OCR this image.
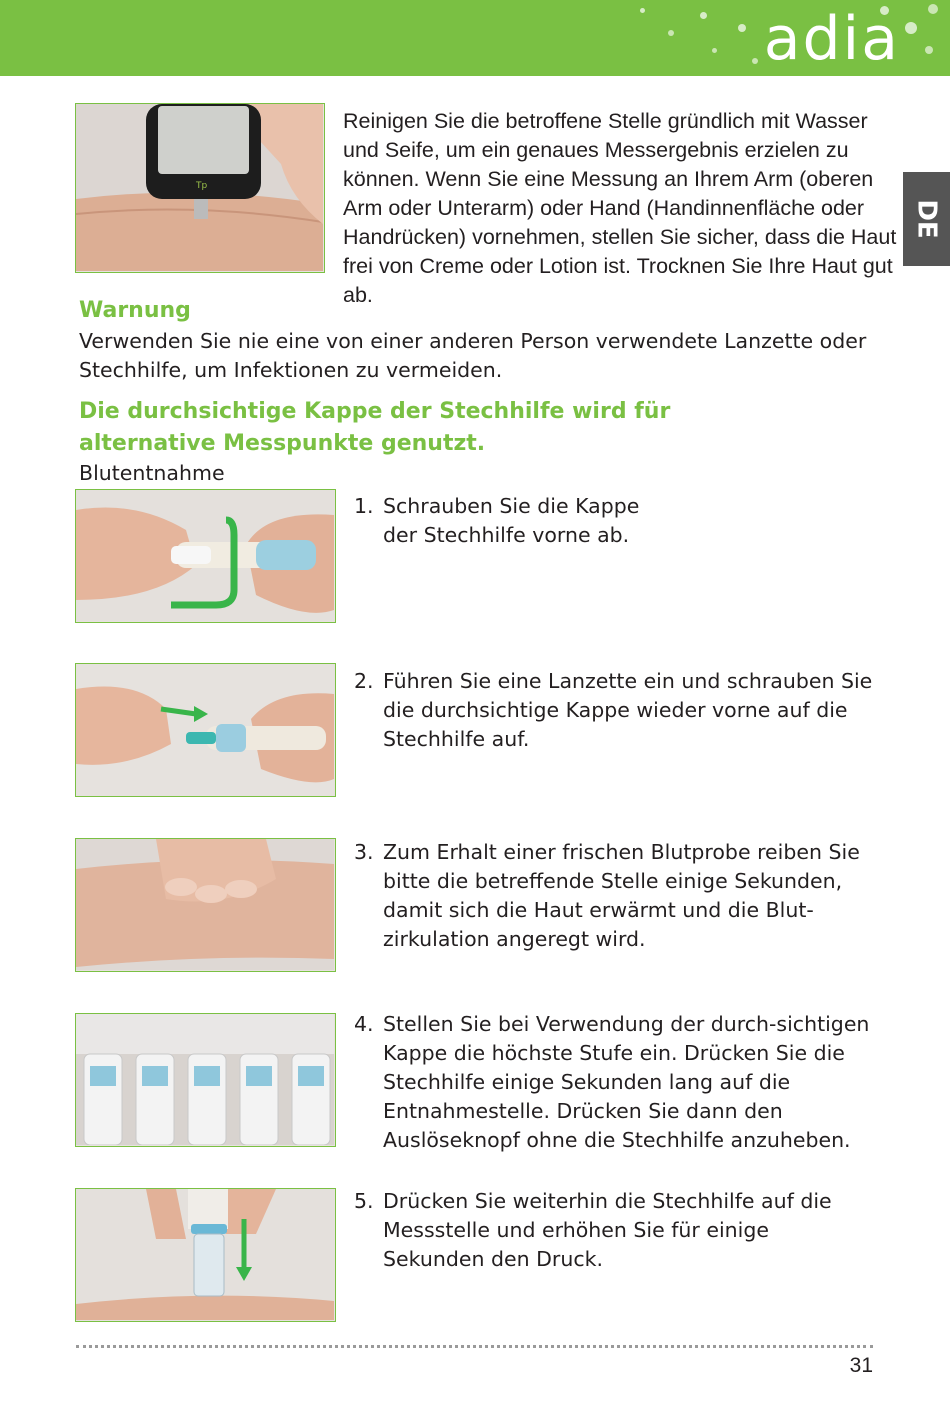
adia
DE
Tp
Reinigen Sie die betroffene Stelle gründlich mit Wasser und Seife, um ein genaues Messergebnis erzielen zu können. Wenn Sie eine Messung an Ihrem Arm (oberen Arm oder Unterarm) oder Hand (Handinnenfläche oder Handrücken) vornehmen, stellen Sie sicher, dass die Haut frei von Creme oder Lotion ist. Trocknen Sie Ihre Haut gut ab.
Warnung
Verwenden Sie nie eine von einer anderen Person verwendete Lanzette oder Stechhilfe, um Infektionen zu vermeiden.
Die durchsichtige Kappe der Stechhilfe wird für alternative Messpunkte genutzt.
Blutentnahme
1. Schrauben Sie die Kappe der Stechhilfe vorne ab.
2. Führen Sie eine Lanzette ein und schrauben Sie die durchsichtige Kappe wieder vorne auf die Stechhilfe auf.
3. Zum Erhalt einer frischen Blutprobe reiben Sie bitte die betreffende Stelle einige Sekunden, damit sich die Haut erwärmt und die Blut-zirkulation angeregt wird.
4. Stellen Sie bei Verwendung der durch-sichtigen Kappe die höchste Stufe ein. Drücken Sie die Stechhilfe einige Sekunden lang auf die Entnahmestelle. Drücken Sie dann den Auslöseknopf ohne die Stechhilfe anzuheben.
5. Drücken Sie weiterhin die Stechhilfe auf die Messstelle und erhöhen Sie für einige Sekunden den Druck.
31
